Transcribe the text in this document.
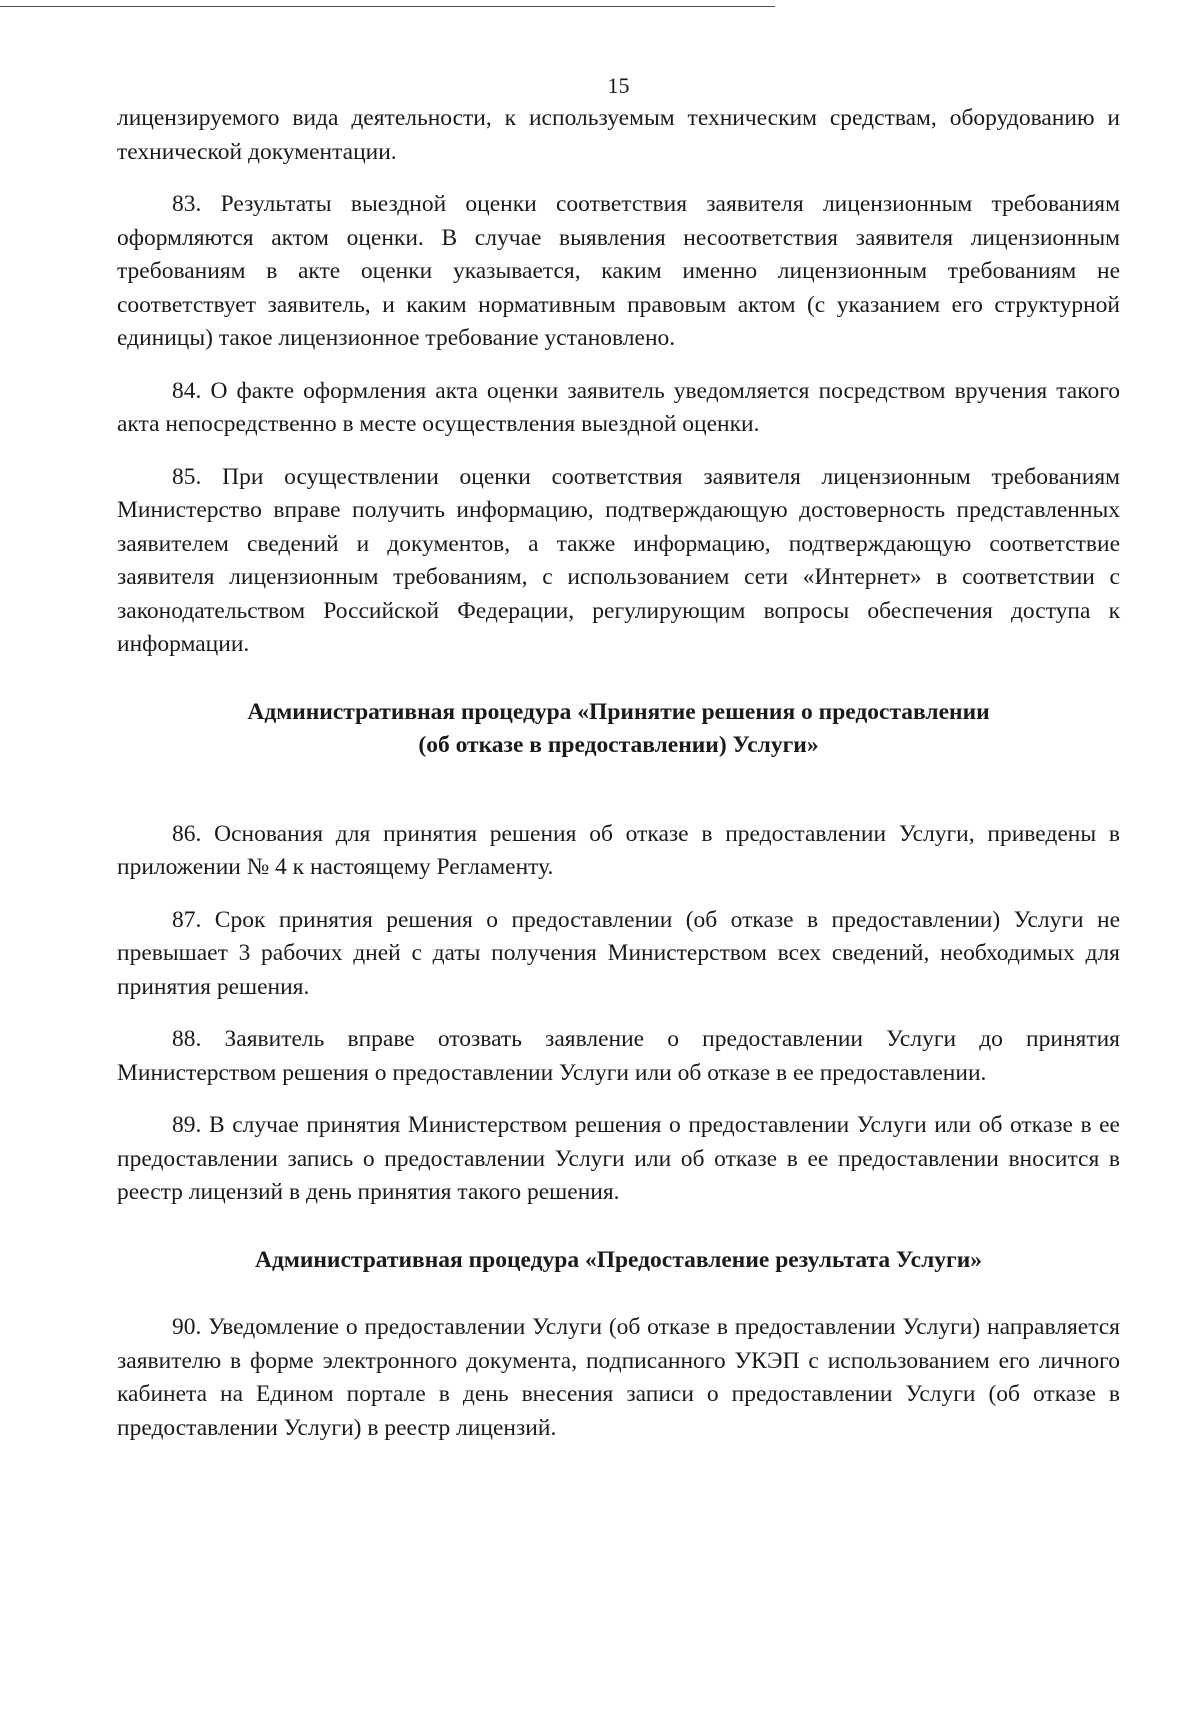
15

лицензируемого вида деятельности, к используемым техническим средствам, оборудованию и технической документации.

83. Результаты выездной оценки соответствия заявителя лицензионным требованиям оформляются актом оценки. В случае выявления несоответствия заявителя лицензионным требованиям в акте оценки указывается, каким именно лицензионным требованиям не соответствует заявитель, и каким нормативным правовым актом (с указанием его структурной единицы) такое лицензионное требование установлено.

84. О факте оформления акта оценки заявитель уведомляется посредством вручения такого акта непосредственно в месте осуществления выездной оценки.

85. При осуществлении оценки соответствия заявителя лицензионным требованиям Министерство вправе получить информацию, подтверждающую достоверность представленных заявителем сведений и документов, а также информацию, подтверждающую соответствие заявителя лицензионным требованиям, с использованием сети «Интернет» в соответствии с законодательством Российской Федерации, регулирующим вопросы обеспечения доступа к информации.

Административная процедура «Принятие решения о предоставлении

(об отказе в предоставлении) Услуги»

86. Основания для принятия решения об отказе в предоставлении Услуги, приведены в приложении № 4 к настоящему Регламенту.

87. Срок принятия решения о предоставлении (об отказе в предоставлении) Услуги не превышает 3 рабочих дней с даты получения Министерством всех сведений, необходимых для принятия решения.

88. Заявитель вправе отозвать заявление о предоставлении Услуги до принятия Министерством решения о предоставлении Услуги или об отказе в ее предоставлении.

89. В случае принятия Министерством решения о предоставлении Услуги или об отказе в ее предоставлении запись о предоставлении Услуги или об отказе в ее предоставлении вносится в реестр лицензий в день принятия такого решения.

Административная процедура «Предоставление результата Услуги»

90. Уведомление о предоставлении Услуги (об отказе в предоставлении Услуги) направляется заявителю в форме электронного документа, подписанного УКЭП с использованием его личного кабинета на Едином портале в день внесения записи о предоставлении Услуги (об отказе в предоставлении Услуги) в реестр лицензий.
